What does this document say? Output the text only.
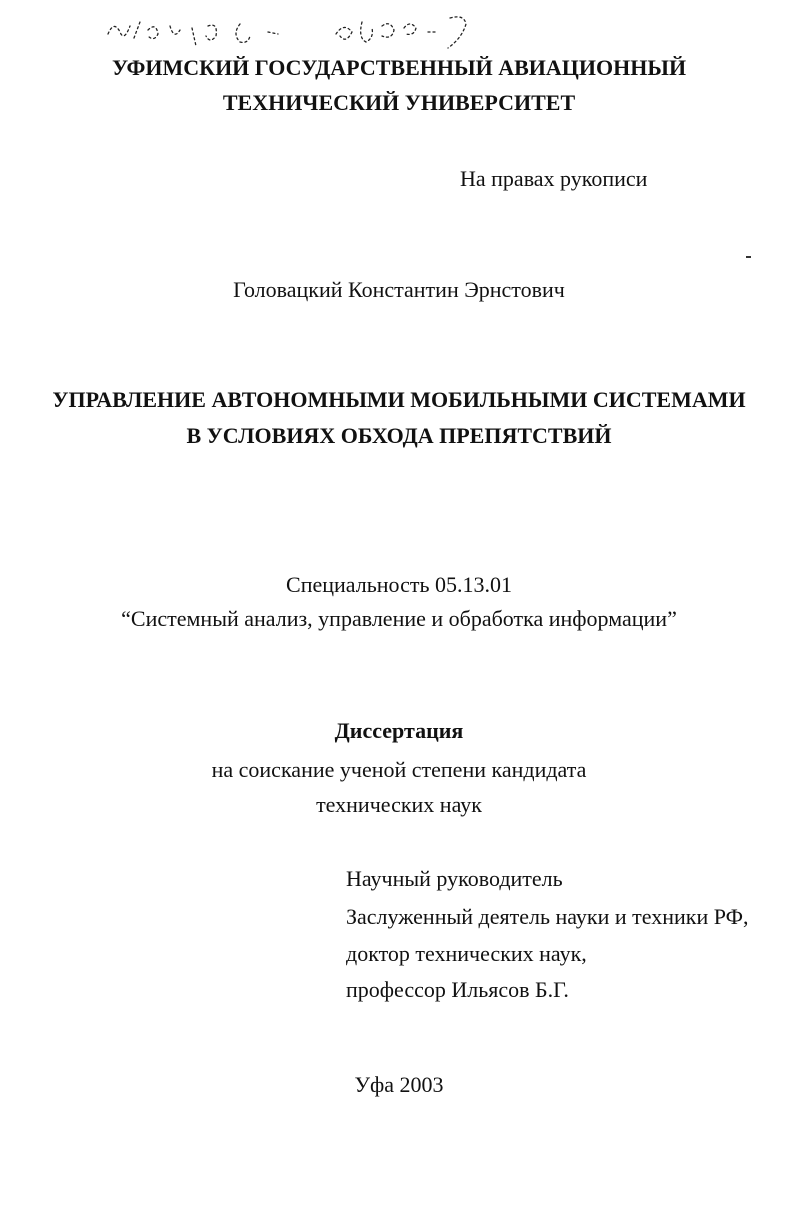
УФИМСКИЙ ГОСУДАРСТВЕННЫЙ АВИАЦИОННЫЙ
ТЕХНИЧЕСКИЙ УНИВЕРСИТЕТ
На правах рукописи
Головацкий Константин Эрнстович
УПРАВЛЕНИЕ АВТОНОМНЫМИ МОБИЛЬНЫМИ СИСТЕМАМИ
В УСЛОВИЯХ ОБХОДА ПРЕПЯТСТВИЙ
Специальность 05.13.01
“Системный анализ, управление и обработка информации”
Диссертация
на соискание ученой степени кандидата
технических наук
Научный руководитель
Заслуженный деятель науки и техники РФ,
доктор технических наук,
профессор Ильясов Б.Г.
Уфа 2003
